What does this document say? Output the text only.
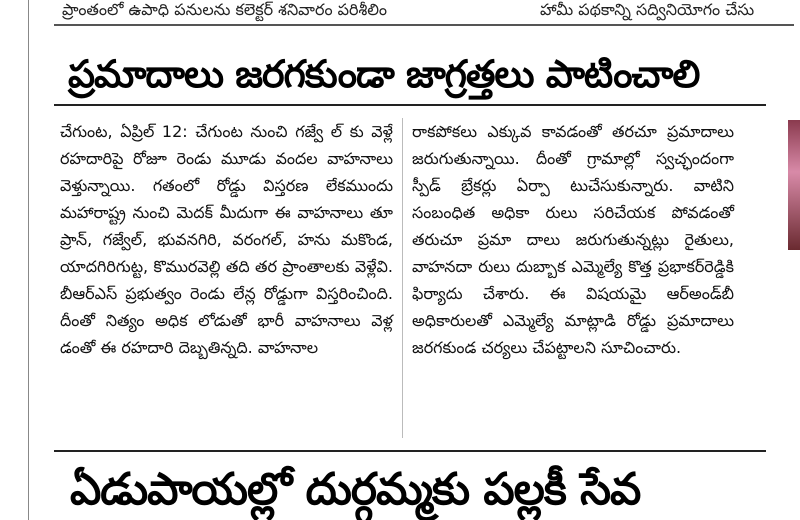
ప్రాంతంలో ఉపాధి పనులను కలెక్టర్ శనివారం పరిశీలిం	హామీ పథకాన్ని సద్వినియోగం చేసు
ప్రమాదాలు జరగకుండా జాగ్రత్తలు పాటించాలి

చేగుంట, ఏప్రిల్ 12: చేగుంట నుంచి గజ్వే ల్ కు వెళ్లే రహదారిపై రోజూ రెండు మూడు వందల వాహనాలు వెళ్తున్నాయి. గతంలో రోడ్డు విస్తరణ లేకముందు మహారాష్ట్ర నుంచి మెదక్ మీదుగా ఈ వాహనాలు తూ ప్రాన్, గజ్వేల్, భువనగిరి, వరంగల్, హను మకొండ, యాదగిరిగుట్ట, కొమురవెల్లి తది తర ప్రాంతాలకు వెళ్లేవి. బీఆర్ఎస్ ప్రభుత్వం రెండు లేన్ల రోడ్డుగా విస్తరించింది. దీంతో నిత్యం అధిక లోడుతో భారీ వాహనాలు వెళ్ల డంతో ఈ రహదారి దెబ్బతిన్నది. వాహనాల

రాకపోకలు ఎక్కువ కావడంతో తరచూ ప్రమాదాలు జరుగుతున్నాయి. దీంతో గ్రామాల్లో స్వచ్ఛందంగా స్పీడ్ బ్రేకర్లు ఏర్పా టుచేసుకున్నారు. వాటిని సంబంధిత అధికా రులు సరిచేయక పోవడంతో తరుచూ ప్రమా దాలు జరుగుతున్నట్లు రైతులు, వాహనదా రులు దుబ్బాక ఎమ్మెల్యే కొత్త ప్రభాకర్‌రెడ్డికి ఫిర్యాదు చేశారు. ఈ విషయమై ఆర్అండ్‌బీ అధికారులతో ఎమ్మెల్యే మాట్లాడి రోడ్డు ప్రమాదాలు జరగకుండ చర్యలు చేపట్టాలని సూచించారు.

ఏడుపాయల్లో దుర్గమ్మకు పల్లకీ సేవ
